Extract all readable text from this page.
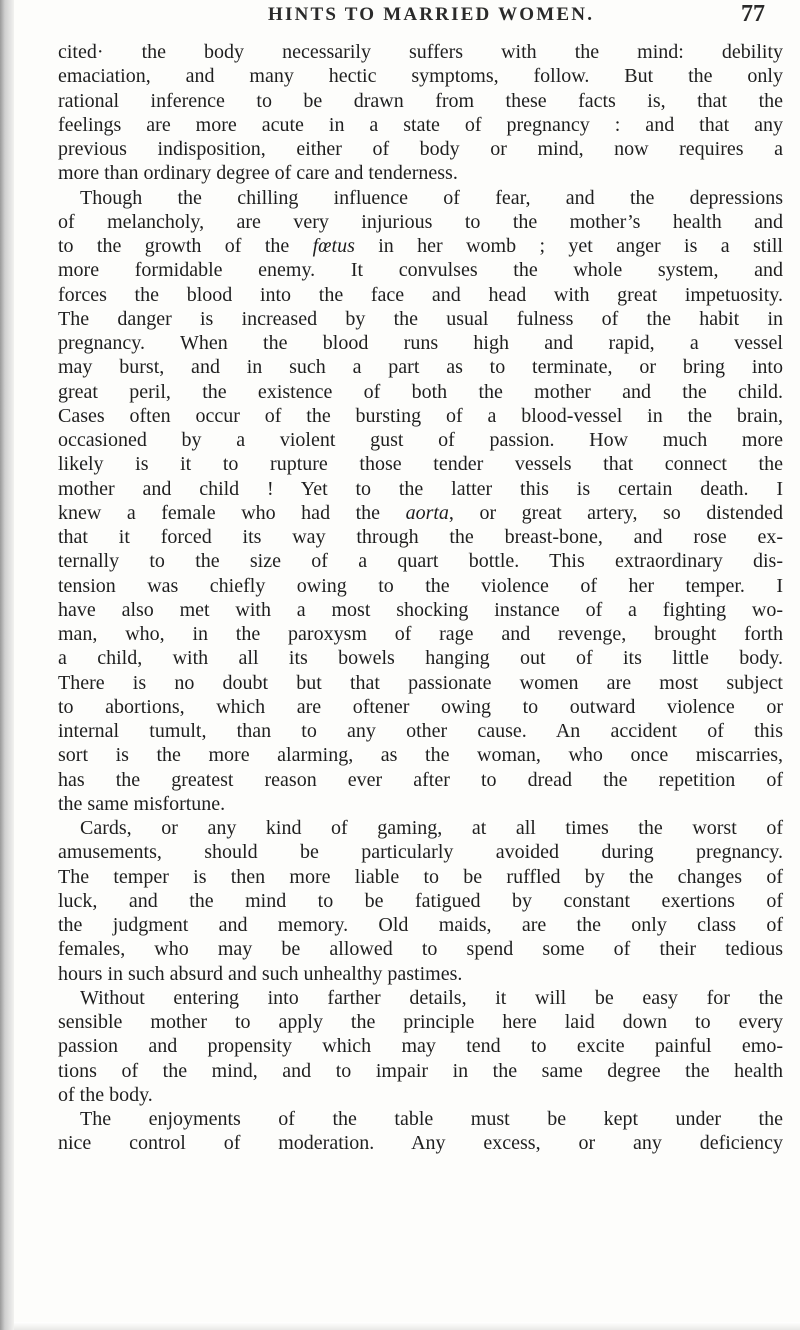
HINTS TO MARRIED WOMEN.	77
cited· the body necessarily suffers with the mind: debility
emaciation, and many hectic symptoms, follow. But the only
rational inference to be drawn from these facts is, that the
feelings are more acute in a state of pregnancy : and that any
previous indisposition, either of body or mind, now requires a
more than ordinary degree of care and tenderness.
Though the chilling influence of fear, and the depressions
of melancholy, are very injurious to the mother’s health and
to the growth of the fœtus in her womb ; yet anger is a still
more formidable enemy. It convulses the whole system, and
forces the blood into the face and head with great impetuosity.
The danger is increased by the usual fulness of the habit in
pregnancy. When the blood runs high and rapid, a vessel
may burst, and in such a part as to terminate, or bring into
great peril, the existence of both the mother and the child.
Cases often occur of the bursting of a blood-vessel in the brain,
occasioned by a violent gust of passion. How much more
likely is it to rupture those tender vessels that connect the
mother and child ! Yet to the latter this is certain death. I
knew a female who had the aorta, or great artery, so distended
that it forced its way through the breast-bone, and rose ex-
ternally to the size of a quart bottle. This extraordinary dis-
tension was chiefly owing to the violence of her temper. I
have also met with a most shocking instance of a fighting wo-
man, who, in the paroxysm of rage and revenge, brought forth
a child, with all its bowels hanging out of its little body.
There is no doubt but that passionate women are most subject
to abortions, which are oftener owing to outward violence or
internal tumult, than to any other cause. An accident of this
sort is the more alarming, as the woman, who once miscarries,
has the greatest reason ever after to dread the repetition of
the same misfortune.
Cards, or any kind of gaming, at all times the worst of
amusements, should be particularly avoided during pregnancy.
The temper is then more liable to be ruffled by the changes of
luck, and the mind to be fatigued by constant exertions of
the judgment and memory. Old maids, are the only class of
females, who may be allowed to spend some of their tedious
hours in such absurd and such unhealthy pastimes.
Without entering into farther details, it will be easy for the
sensible mother to apply the principle here laid down to every
passion and propensity which may tend to excite painful emo-
tions of the mind, and to impair in the same degree the health
of the body.
The enjoyments of the table must be kept under the
nice control of moderation. Any excess, or any deficiency
